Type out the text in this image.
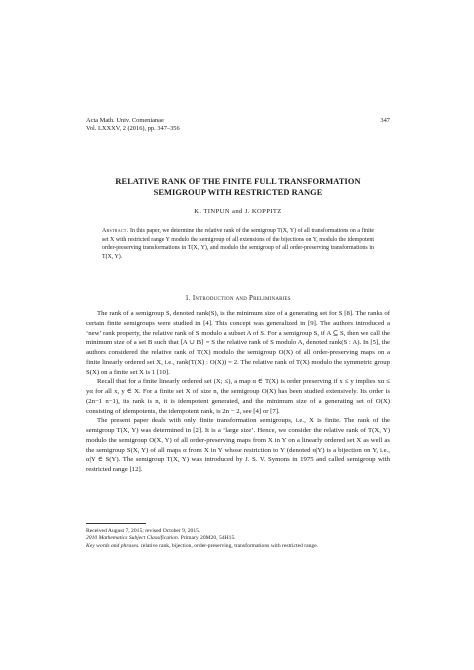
Acta Math. Univ. Comenianae
Vol. LXXXV, 2 (2016), pp. 347–356
347
RELATIVE RANK OF THE FINITE FULL TRANSFORMATION
SEMIGROUP WITH RESTRICTED RANGE
K. TINPUN and J. KOPPITZ
Abstract. In this paper, we determine the relative rank of the semigroup T(X, Y) of all transformations on a finite set X with restricted range Y modulo the semigroup of all extensions of the bijections on Y, modulo the idempotent order-preserving transformations in T(X, Y), and modulo the semigroup of all order-preserving transformations in T(X, Y).
1. Introduction and Preliminaries

The rank of a semigroup S, denoted rank(S), is the minimum size of a generating set for S [8]. The ranks of certain finite semigroups were studied in [4]. This concept was generalized in [9]. The authors introduced a ‘new’ rank property, the relative rank of S modulo a subset A of S. For a semigroup S, if A ⊆ S, then we call the minimum size of a set B such that ⟨A ∪ B⟩ = S the relative rank of S modulo A, denoted rank(S : A). In [5], the authors considered the relative rank of T(X) modulo the semigroup O(X) of all order-preserving maps on a finite linearly ordered set X, i.e., rank(T(X) : O(X)) = 2. The relative rank of T(X) modulo the symmetric group S(X) on a finite set X is 1 [10].

Recall that for a finite linearly ordered set (X; ≤), a map α ∈ T(X) is order preserving if x ≤ y implies xα ≤ yα for all x, y ∈ X. For a finite set X of size n, the semigroup O(X) has been studied extensively. Its order is (2n−1 n−1), its rank is n, it is idempotent generated, and the minimum size of a generating set of O(X) consisting of idempotents, the idempotent rank, is 2n − 2, see [4] or [7].

The present paper deals with only finite transformation semigroups, i.e., X is finite. The rank of the semigroup T(X, Y) was determined in [2]. It is a ‘large size’. Hence, we consider the relative rank of T(X, Y) modulo the semigroup O(X, Y) of all order-preserving maps from X in Y on a linearly ordered set X as well as the semigroup S(X, Y) of all maps α from X in Y whose restriction to Y (denoted α|Y) is a bijection on Y, i.e., α|Y ∈ S(Y). The semigroup T(X, Y) was introduced by J. S. V. Symons in 1975 and called semigroup with restricted range [12].

Received August 7, 2015; revised October 9, 2015.
2010 Mathematics Subject Classification. Primary 20M20, 54H15.
Key words and phrases. relative rank, bijection, order-preserving, transformations with restricted range.
